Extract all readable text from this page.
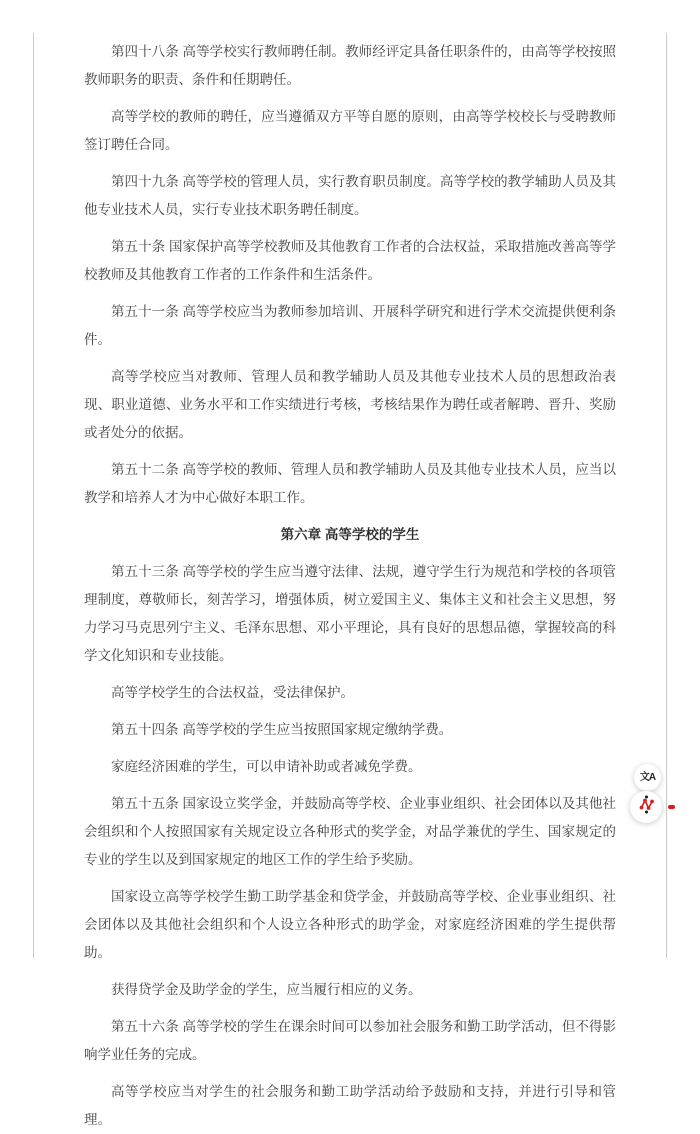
第四十八条 高等学校实行教师聘任制。教师经评定具备任职条件的，由高等学校按照教师职务的职责、条件和任期聘任。

高等学校的教师的聘任，应当遵循双方平等自愿的原则，由高等学校校长与受聘教师签订聘任合同。

第四十九条 高等学校的管理人员，实行教育职员制度。高等学校的教学辅助人员及其他专业技术人员，实行专业技术职务聘任制度。

第五十条 国家保护高等学校教师及其他教育工作者的合法权益，采取措施改善高等学校教师及其他教育工作者的工作条件和生活条件。

第五十一条 高等学校应当为教师参加培训、开展科学研究和进行学术交流提供便利条件。

高等学校应当对教师、管理人员和教学辅助人员及其他专业技术人员的思想政治表现、职业道德、业务水平和工作实绩进行考核，考核结果作为聘任或者解聘、晋升、奖励或者处分的依据。

第五十二条 高等学校的教师、管理人员和教学辅助人员及其他专业技术人员，应当以教学和培养人才为中心做好本职工作。

第六章 高等学校的学生

第五十三条 高等学校的学生应当遵守法律、法规，遵守学生行为规范和学校的各项管理制度，尊敬师长，刻苦学习，增强体质，树立爱国主义、集体主义和社会主义思想，努力学习马克思列宁主义、毛泽东思想、邓小平理论，具有良好的思想品德，掌握较高的科学文化知识和专业技能。

高等学校学生的合法权益，受法律保护。

第五十四条 高等学校的学生应当按照国家规定缴纳学费。

家庭经济困难的学生，可以申请补助或者减免学费。

第五十五条 国家设立奖学金，并鼓励高等学校、企业事业组织、社会团体以及其他社会组织和个人按照国家有关规定设立各种形式的奖学金，对品学兼优的学生、国家规定的专业的学生以及到国家规定的地区工作的学生给予奖励。

国家设立高等学校学生勤工助学基金和贷学金，并鼓励高等学校、企业事业组织、社会团体以及其他社会组织和个人设立各种形式的助学金，对家庭经济困难的学生提供帮助。

获得贷学金及助学金的学生，应当履行相应的义务。

第五十六条 高等学校的学生在课余时间可以参加社会服务和勤工助学活动，但不得影响学业任务的完成。

高等学校应当对学生的社会服务和勤工助学活动给予鼓励和支持，并进行引导和管理。

文A
